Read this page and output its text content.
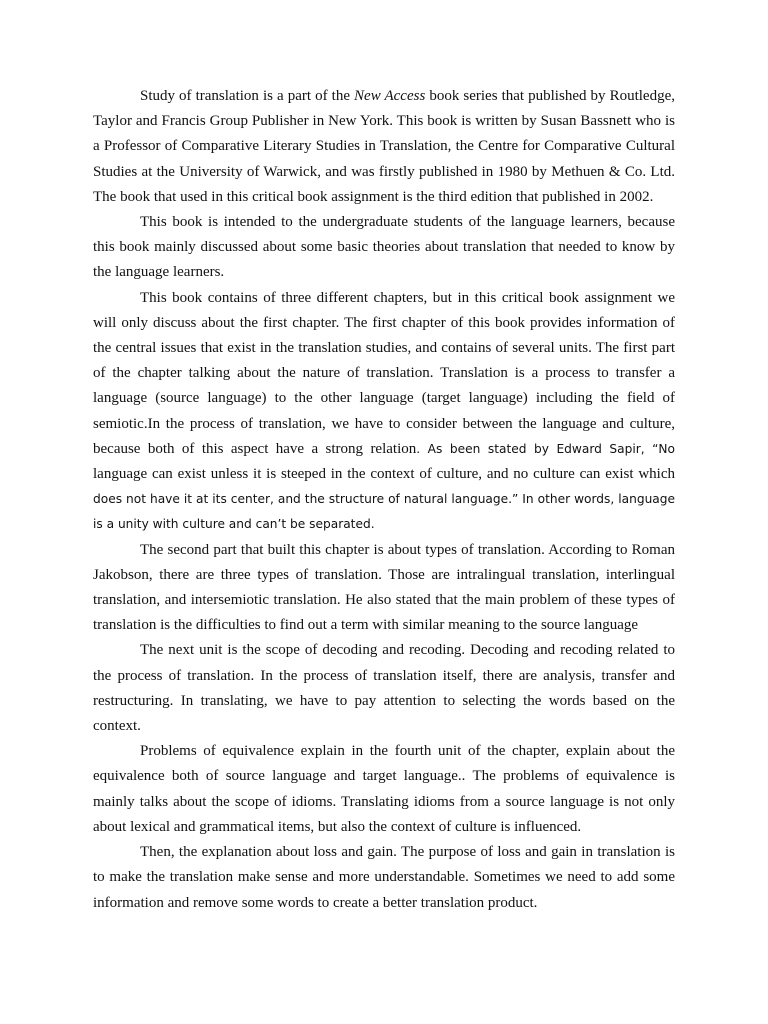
Study of translation is a part of the New Access book series that published by Routledge, Taylor and Francis Group Publisher in New York. This book is written by Susan Bassnett who is a Professor of Comparative Literary Studies in Translation, the Centre for Comparative Cultural Studies at the University of Warwick, and was firstly published in 1980 by Methuen & Co. Ltd. The book that used in this critical book assignment is the third edition that published in 2002.

This book is intended to the undergraduate students of the language learners, because this book mainly discussed about some basic theories about translation that needed to know by the language learners.

This book contains of three different chapters, but in this critical book assignment we will only discuss about the first chapter. The first chapter of this book provides information of the central issues that exist in the translation studies, and contains of several units. The first part of the chapter talking about the nature of translation. Translation is a process to transfer a language (source language) to the other language (target language) including the field of semiotic.In the process of translation, we have to consider between the language and culture, because both of this aspect have a strong relation. As been stated by Edward Sapir, “No language can exist unless it is steeped in the context of culture, and no culture can exist which does not have it at its center, and the structure of natural language.” In other words, language is a unity with culture and can’t be separated.

The second part that built this chapter is about types of translation. According to Roman Jakobson, there are three types of translation. Those are intralingual translation, interlingual translation, and intersemiotic translation. He also stated that the main problem of these types of translation is the difficulties to find out a term with similar meaning to the source language

The next unit is the scope of decoding and recoding. Decoding and recoding related to the process of translation. In the process of translation itself, there are analysis, transfer and restructuring. In translating, we have to pay attention to selecting the words based on the context.

Problems of equivalence explain in the fourth unit of the chapter, explain about the equivalence both of source language and target language.. The problems of equivalence is mainly talks about the scope of idioms. Translating idioms from a source language is not only about lexical and grammatical items, but also the context of culture is influenced.

Then, the explanation about loss and gain. The purpose of loss and gain in translation is to make the translation make sense and more understandable. Sometimes we need to add some information and remove some words to create a better translation product.
